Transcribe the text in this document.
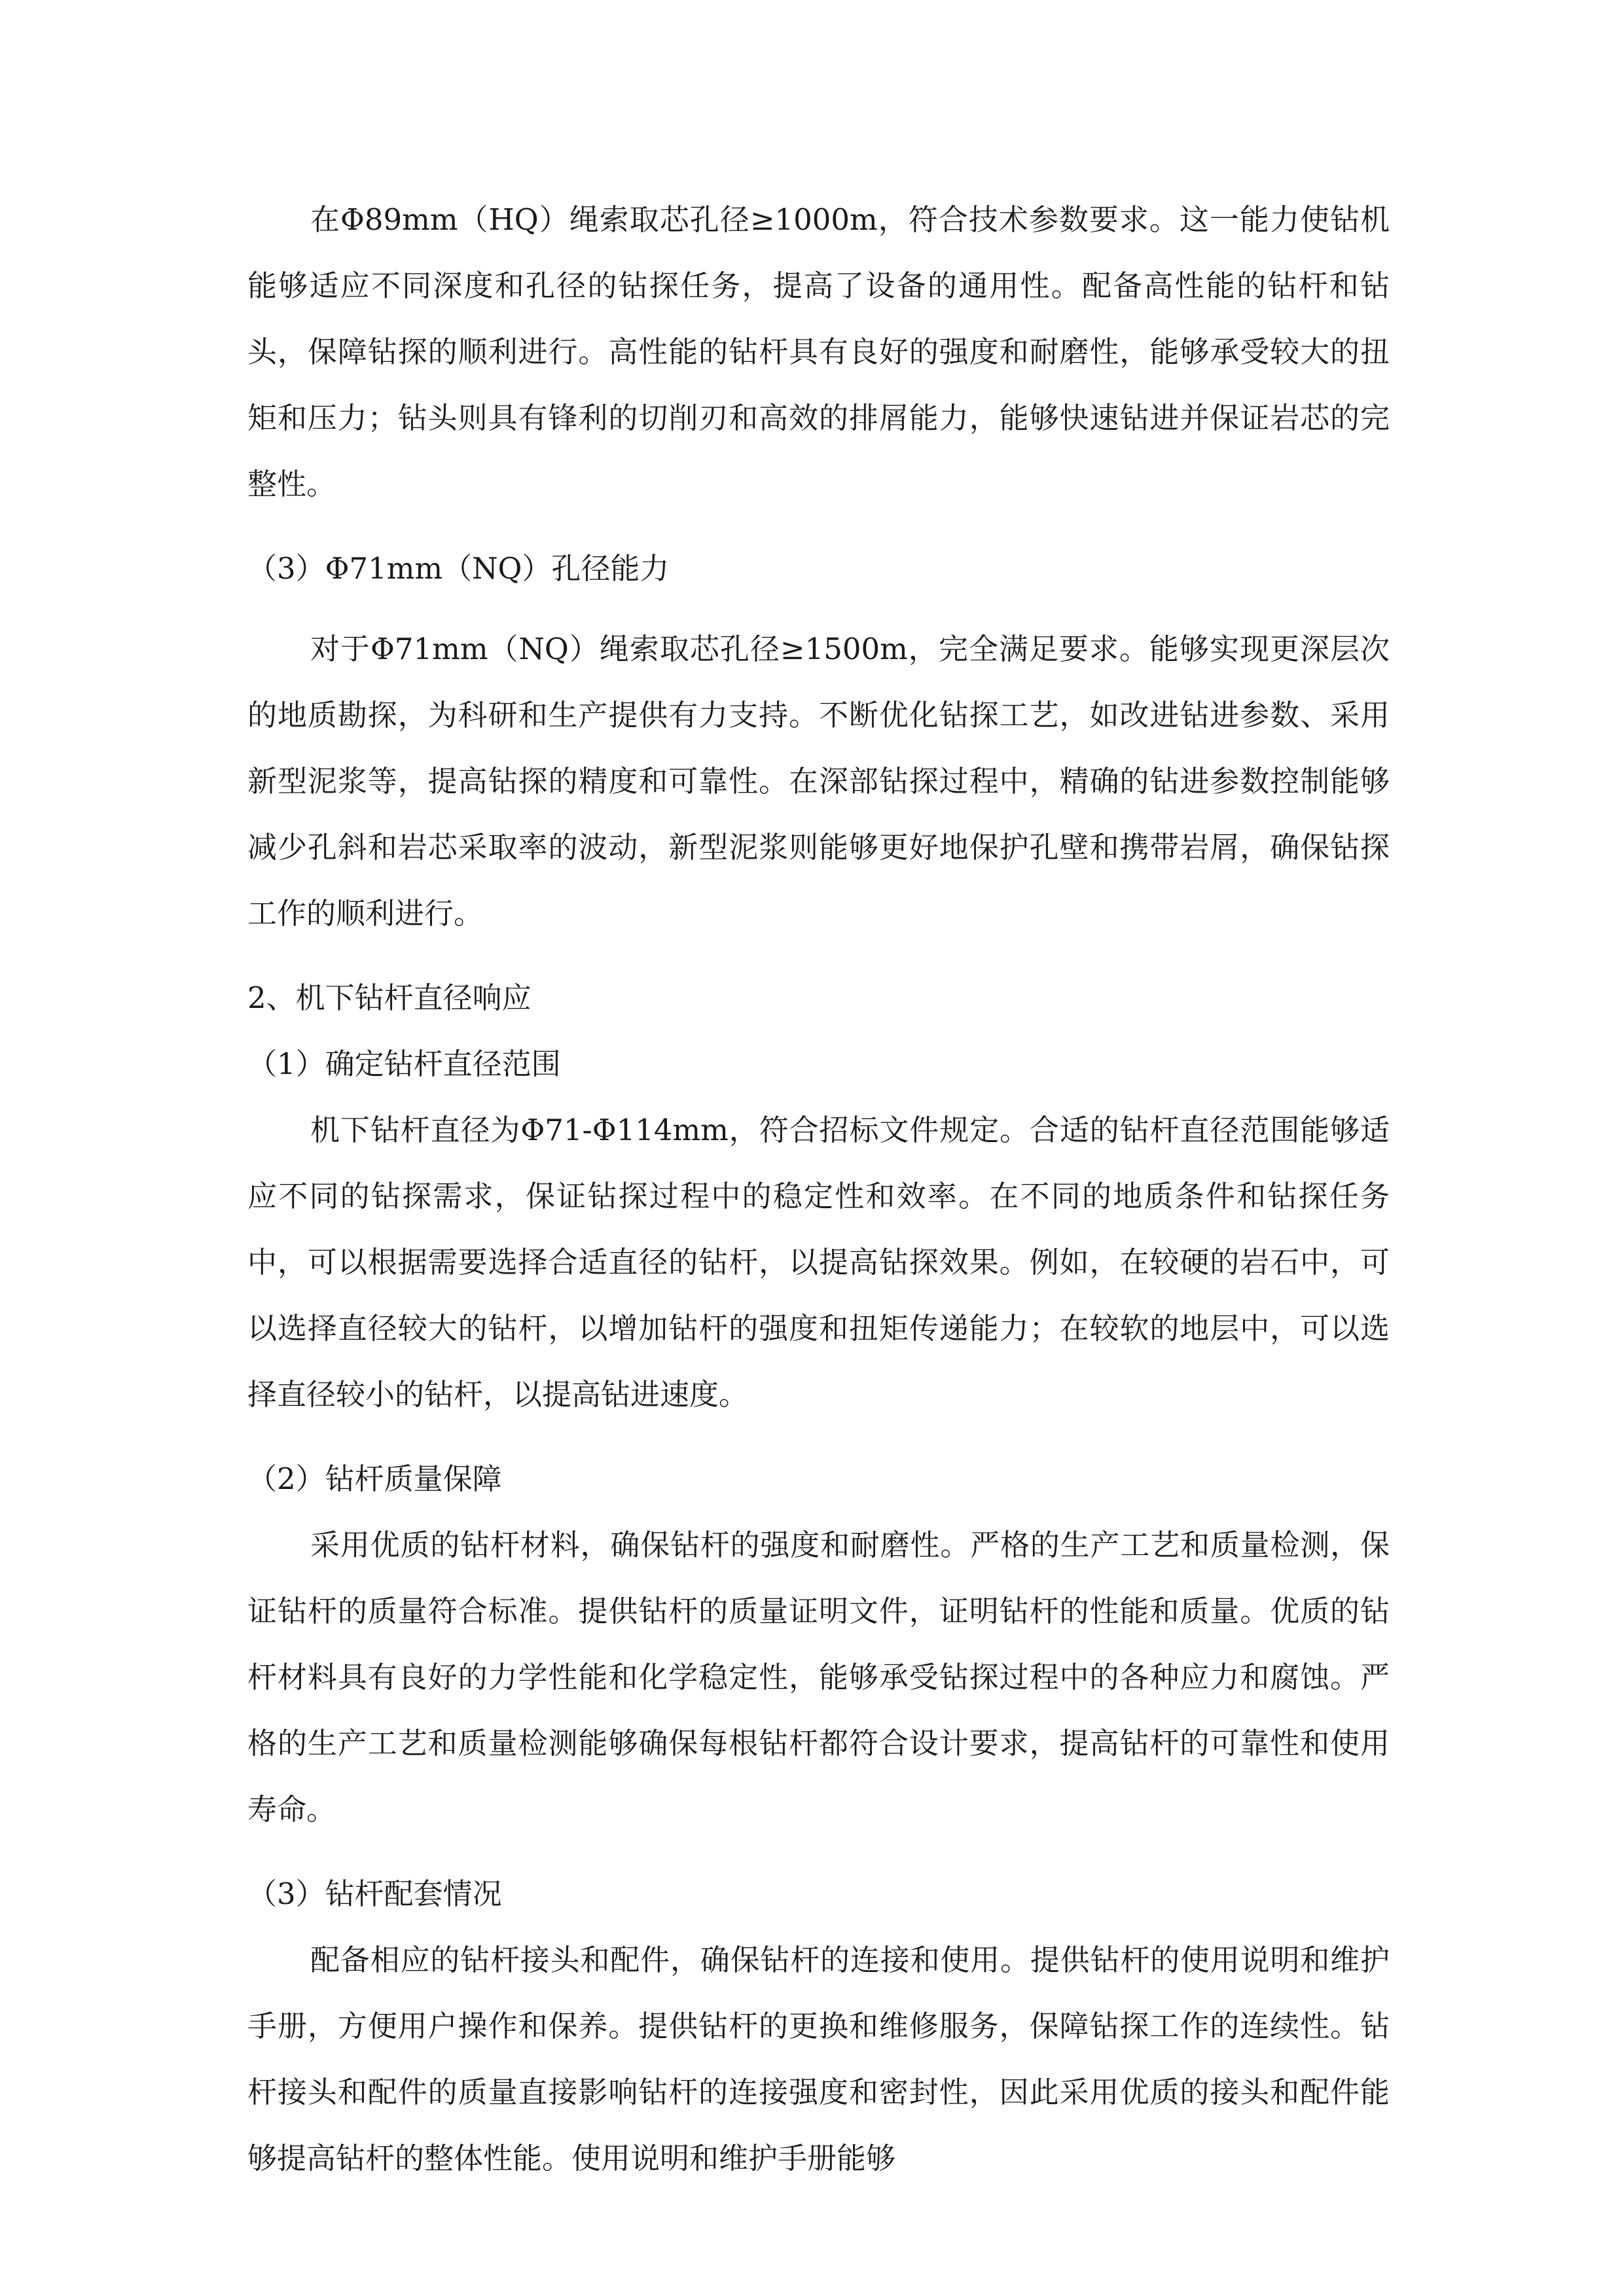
在Φ89mm（HQ）绳索取芯孔径≥1000m，符合技术参数要求。这一能力使钻机能够适应不同深度和孔径的钻探任务，提高了设备的通用性。配备高性能的钻杆和钻头，保障钻探的顺利进行。高性能的钻杆具有良好的强度和耐磨性，能够承受较大的扭矩和压力；钻头则具有锋利的切削刃和高效的排屑能力，能够快速钻进并保证岩芯的完整性。

（3）Φ71mm（NQ）孔径能力

对于Φ71mm（NQ）绳索取芯孔径≥1500m，完全满足要求。能够实现更深层次的地质勘探，为科研和生产提供有力支持。不断优化钻探工艺，如改进钻进参数、采用新型泥浆等，提高钻探的精度和可靠性。在深部钻探过程中，精确的钻进参数控制能够减少孔斜和岩芯采取率的波动，新型泥浆则能够更好地保护孔壁和携带岩屑，确保钻探工作的顺利进行。

2、机下钻杆直径响应

（1）确定钻杆直径范围

机下钻杆直径为Φ71-Φ114mm，符合招标文件规定。合适的钻杆直径范围能够适应不同的钻探需求，保证钻探过程中的稳定性和效率。在不同的地质条件和钻探任务中，可以根据需要选择合适直径的钻杆，以提高钻探效果。例如，在较硬的岩石中，可以选择直径较大的钻杆，以增加钻杆的强度和扭矩传递能力；在较软的地层中，可以选择直径较小的钻杆，以提高钻进速度。

（2）钻杆质量保障

采用优质的钻杆材料，确保钻杆的强度和耐磨性。严格的生产工艺和质量检测，保证钻杆的质量符合标准。提供钻杆的质量证明文件，证明钻杆的性能和质量。优质的钻杆材料具有良好的力学性能和化学稳定性，能够承受钻探过程中的各种应力和腐蚀。严格的生产工艺和质量检测能够确保每根钻杆都符合设计要求，提高钻杆的可靠性和使用寿命。

（3）钻杆配套情况

配备相应的钻杆接头和配件，确保钻杆的连接和使用。提供钻杆的使用说明和维护手册，方便用户操作和保养。提供钻杆的更换和维修服务，保障钻探工作的连续性。钻杆接头和配件的质量直接影响钻杆的连接强度和密封性，因此采用优质的接头和配件能够提高钻杆的整体性能。使用说明和维护手册能够
